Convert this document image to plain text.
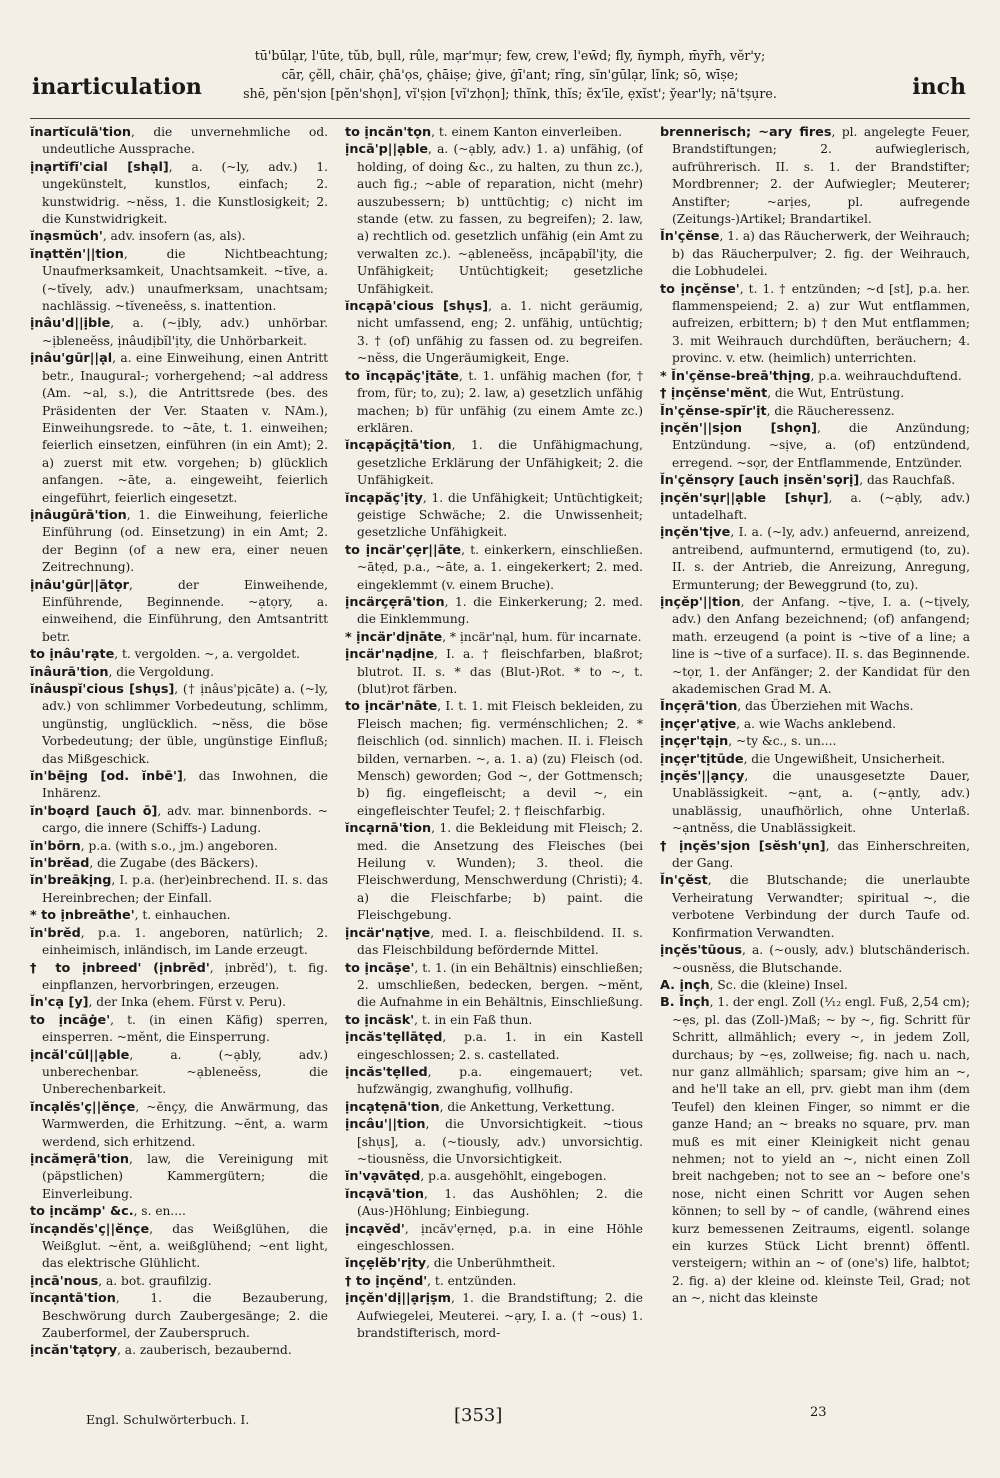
inarticulation
tū'būlạr, l'ūte, tŭb, bụll, rûle, mạr'mụr; few, crew, l'ew̄d; fl̄y, n̄ymph, m̄yr̄h, vĕr'y;
cār, çĕll, chāir, çhā'ọs, çhāiṣe; ġive, ġī'ant; rĭng, sĭn'gūlạr, lĭnk; sō, wīṣe;
shē, pĕn'sịon [pĕn'shọn], vĭ'ṣịon [vĭ'zhọn]; thĭnk, thĭs; ĕx'īle, ẹxĭst'; y̆ear'ly; nā'tṣụre.	inch
ĭnartĭculā'tion, die unvernehmliche od. undeutliche Aussprache.
ịnạrtĭfĭ'cial [shạl], a. (~ly, adv.) 1. ungekünstelt, kunstlos, einfach; 2. kunstwidrig. ~nĕss, 1. die Kunstlosigkeit; 2. die Kunstwidrigkeit.
ĭnạsmŭch', adv. insofern (as, als).
ĭnạttĕn'||tion, die Nichtbeachtung; Unaufmerksamkeit, Unachtsamkeit. ~tĭve, a. (~tĭvely, adv.) unaufmerksam, unachtsam; nachlässig. ~tĭveneĕss, s. inattention.
ịnâu'd||ịble, a. (~ịbly, adv.) unhörbar. ~ịbleneĕss, ịnâudịbĭl'ịty, die Unhörbarkeit.
ịnâu'gūr||ạl, a. eine Einweihung, einen Antritt betr., Inaugural-; vorhergehend; ~al address (Am. ~al, s.), die Antrittsrede (bes. des Präsidenten der Ver. Staaten v. NAm.), Einweihungsrede. to ~āte, t. 1. einweihen; feierlich einsetzen, einführen (in ein Amt); 2. a) zuerst mit etw. vorgehen; b) glücklich anfangen. ~āte, a. eingeweiht, feierlich eingeführt, feierlich eingesetzt.
ịnâugūrā'tion, 1. die Einweihung, feierliche Einführung (od. Einsetzung) in ein Amt; 2. der Beginn (of a new era, einer neuen Zeitrechnung).
ịnâu'gūr||ātọr, der Einweihende, Einführende, Beginnende. ~ạtọry, a. einweihend, die Einführung, den Amtsantritt betr.
to ịnâu'rạte, t. vergolden. ~, a. vergoldet.
ĭnâurā'tion, die Vergoldung.
ĭnâuspĭ'cious [shụs], († ịnâus'pịcāte) a. (~ly, adv.) von schlimmer Vorbedeutung, schlimm, ungünstig, unglücklich. ~nĕss, die böse Vorbedeutung; der üble, ungünstige Einfluß; das Mißgeschick.
ĭn'bēịng [od. ĭnbē'], das Inwohnen, die Inhärenz.
ĭn'boạrd [auch ō], adv. mar. binnenbords. ~ cargo, die innere (Schiffs-) Ladung.
ĭn'bōrn, p.a. (with s.o., jm.) angeboren.
ĭn'brĕad, die Zugabe (des Bäckers).
ĭn'breākịng, I. p.a. (her)einbrechend. II. s. das Hereinbrechen; der Einfall.
* to ịnbreāthe', t. einhauchen.
ĭn'brĕd, p.a. 1. angeboren, natürlich; 2. einheimisch, inländisch, im Lande erzeugt.
† to ịnbreed' (ịnbrēd', ịnbrĕd'), t. fig. einpflanzen, hervorbringen, erzeugen.
Ĭn'cạ [y], der Inka (ehem. Fürst v. Peru).
to ịncāġe', t. (in einen Käfig) sperren, einsperren. ~mĕnt, die Einsperrung.
ịncăl'cūl||ạble, a. (~ạbly, adv.) unberechenbar. ~ạbleneĕss, die Unberechenbarkeit.
ĭncạlĕs'ç||ĕnçe, ~ĕnçy, die Anwärmung, das Warmwerden, die Erhitzung. ~ĕnt, a. warm werdend, sich erhitzend.
ịncămẹrā'tion, law, die Vereinigung mit (päpstlichen) Kammergütern; die Einverleibung.
to ịncămp' &c., s. en....
ĭncạndĕs'ç||ĕnçe, das Weißglühen, die Weißglut. ~ĕnt, a. weißglühend; ~ent light, das elektrische Glühlicht.
ịncā'nous, a. bot. graufilzig.
ĭncạntā'tion, 1. die Bezauberung, Beschwörung durch Zaubergesänge; 2. die Zauberformel, der Zauberspruch.
ịncăn'tạtọry, a. zauberisch, bezaubernd.
to ịncăn'tọn, t. einem Kanton einverleiben.
ịncā'p||ạble, a. (~ạbly, adv.) 1. a) unfähig, (of holding, of doing &c., zu halten, zu thun zc.), auch fig.; ~able of reparation, nicht (mehr) auszubessern; b) unttüchtig; c) nicht im stande (etw. zu fassen, zu begreifen); 2. law, a) rechtlich od. gesetzlich unfähig (ein Amt zu verwalten zc.). ~ạbleneĕss, ịncāpạbĭl'ịty, die Unfähigkeit; Untüchtigkeit; gesetzliche Unfähigkeit.
ĭncạpā'cious [shụs], a. 1. nicht geräumig, nicht umfassend, eng; 2. unfähig, untüchtig; 3. † (of) unfähig zu fassen od. zu begreifen. ~nĕss, die Ungeräumigkeit, Enge.
to ĭncạpăç'ịtāte, t. 1. unfähig machen (for, † from, für; to, zu); 2. law, a) gesetzlich unfähig machen; b) für unfähig (zu einem Amte zc.) erklären.
ĭncạpăçịtā'tion, 1. die Unfähigmachung, gesetzliche Erklärung der Unfähigkeit; 2. die Unfähigkeit.
ĭncạpăç'ịty, 1. die Unfähigkeit; Untüchtigkeit; geistige Schwäche; 2. die Unwissenheit; gesetzliche Unfähigkeit.
to ịncär'çẹr||āte, t. einkerkern, einschließen. ~ātẹd, p.a., ~āte, a. 1. eingekerkert; 2. med. eingeklemmt (v. einem Bruche).
ịncärçẹrā'tion, 1. die Einkerkerung; 2. med. die Einklemmung.
* ịncär'dịnāte, * ịncär'nạl, hum. für incarnate.
ịncär'nạdịne, I. a. † fleischfarben, blaßrot; blutrot. II. s. * das (Blut-)Rot. * to ~, t. (blut)rot färben.
to ịncär'nāte, I. t. 1. mit Fleisch bekleiden, zu Fleisch machen; fig. verménschlichen; 2. * fleischlich (od. sinnlich) machen. II. i. Fleisch bilden, vernarben. ~, a. 1. a) (zu) Fleisch (od. Mensch) geworden; God ~, der Gottmensch; b) fig. eingefleischt; a devil ~, ein eingefleischter Teufel; 2. † fleischfarbig.
ĭncạrnā'tion, 1. die Bekleidung mit Fleisch; 2. med. die Ansetzung des Fleisches (bei Heilung v. Wunden); 3. theol. die Fleischwerdung, Menschwerdung (Christi); 4. a) die Fleischfarbe; b) paint. die Fleischgebung.
ịncär'nạtịve, med. I. a. fleischbildend. II. s. das Fleischbildung befördernde Mittel.
to ịncāṣe', t. 1. (in ein Behältnis) einschließen; 2. umschließen, bedecken, bergen. ~mĕnt, die Aufnahme in ein Behältnis, Einschließung.
to ịncäsk', t. in ein Faß thun.
ịncăs'tẹllātẹd, p.a. 1. in ein Kastell eingeschlossen; 2. s. castellated.
ịncăs'tẹlled, p.a. eingemauert; vet. hufzwängig, zwanghufig, vollhufig.
ịncạtẹnā'tion, die Ankettung, Verkettung.
ịncâu'||tion, die Unvorsichtigkeit. ~tious [shụs], a. (~tiously, adv.) unvorsichtig. ~tiousnĕss, die Unvorsichtigkeit.
ĭn'vạvātẹd, p.a. ausgehöhlt, eingebogen.
ĭncạvā'tion, 1. das Aushöhlen; 2. die (Aus-)Höhlung; Einbiegung.
ịncạvĕd', ịncăv'ẹrnẹd, p.a. in eine Höhle eingeschlossen.
ĭnçẹlĕb'rịty, die Unberühmtheit.
† to ịnçĕnd', t. entzünden.
ịnçĕn'dị||ạrịṣm, 1. die Brandstiftung; 2. die Aufwiegelei, Meuterei. ~ạry, I. a. († ~ous) 1. brandstifterisch, mord-
brennerisch; ~ary fires, pl. angelegte Feuer, Brandstiftungen; 2. aufwieglerisch, aufrührerisch. II. s. 1. der Brandstifter; Mordbrenner; 2. der Aufwiegler; Meuterer; Anstifter; ~arịes, pl. aufregende (Zeitungs-)Artikel; Brandartikel.
Ĭn'çĕnse, 1. a) das Räucherwerk, der Weihrauch; b) das Räucherpulver; 2. fig. der Weihrauch, die Lobhudelei.
to ịnçĕnse', t. 1. † entzünden; ~d [st], p.a. her. flammenspeiend; 2. a) zur Wut entflammen, aufreizen, erbittern; b) † den Mut entflammen; 3. mit Weihrauch durchdüften, beräuchern; 4. provinc. v. etw. (heimlich) unterrichten.
* Ĭn'çĕnse-breā'thịng, p.a. weihrauchduftend.
† ịnçĕnse'mĕnt, die Wut, Entrüstung.
Ĭn'çĕnse-spĭr'ịt, die Räucheressenz.
ịnçĕn'||sịon [shọn], die Anzündung; Entzündung. ~sịve, a. (of) entzündend, erregend. ~sọr, der Entflammende, Entzünder.
Ĭn'çĕnsọry [auch ịnsĕn'sọrị], das Rauchfaß.
ịnçĕn'sụr||ạble [shụr], a. (~ạbly, adv.) untadelhaft.
ịnçĕn'tịve, I. a. (~ly, adv.) anfeuernd, anreizend, antreibend, aufmunternd, ermutigend (to, zu). II. s. der Antrieb, die Anreizung, Anregung, Ermunterung; der Beweggrund (to, zu).
ịnçĕp'||tion, der Anfang. ~tịve, I. a. (~tịvely, adv.) den Anfang bezeichnend; (of) anfangend; math. erzeugend (a point is ~tive of a line; a line is ~tive of a surface). II. s. das Beginnende. ~tọr, 1. der Anfänger; 2. der Kandidat für den akademischen Grad M. A.
Ĭnçẹrā'tion, das Überziehen mit Wachs.
ịnçẹr'ạtịve, a. wie Wachs anklebend.
ịnçẹr'tạịn, ~ty &c., s. un....
ịnçẹr'tịtūde, die Ungewißheit, Unsicherheit.
ịnçĕs'||ạnçy, die unausgesetzte Dauer, Unablässigkeit. ~ạnt, a. (~ạntly, adv.) unablässig, unaufhörlich, ohne Unterlaß. ~ạntnĕss, die Unablässigkeit.
† ịnçĕs'sịon [sĕsh'ụn], das Einherschreiten, der Gang.
Ĭn'çĕst, die Blutschande; die unerlaubte Verheiratung Verwandter; spiritual ~, die verbotene Verbindung der durch Taufe od. Konfirmation Verwandten.
ịnçĕs'tūous, a. (~ously, adv.) blutschänderisch. ~ousnĕss, die Blutschande.
A. ịnçh, Sc. die (kleine) Insel.
B. Ĭnçh, 1. der engl. Zoll (¹⁄₁₂ engl. Fuß, 2,54 cm); ~ẹs, pl. das (Zoll-)Maß; ~ by ~, fig. Schritt für Schritt, allmählich; every ~, in jedem Zoll, durchaus; by ~ẹs, zollweise; fig. nach u. nach, nur ganz allmählich; sparsam; give him an ~, and he'll take an ell, prv. giebt man ihm (dem Teufel) den kleinen Finger, so nimmt er die ganze Hand; an ~ breaks no square, prv. man muß es mit einer Kleinigkeit nicht genau nehmen; not to yield an ~, nicht einen Zoll breit nachgeben; not to see an ~ before one's nose, nicht einen Schritt vor Augen sehen können; to sell by ~ of candle, (während eines kurz bemessenen Zeitraums, eigentl. solange ein kurzes Stück Licht brennt) öffentl. versteigern; within an ~ of (one's) life, halbtot; 2. fig. a) der kleine od. kleinste Teil, Grad; not an ~, nicht das kleinste
Engl. Schulwörterbuch. I.	[353]	23
